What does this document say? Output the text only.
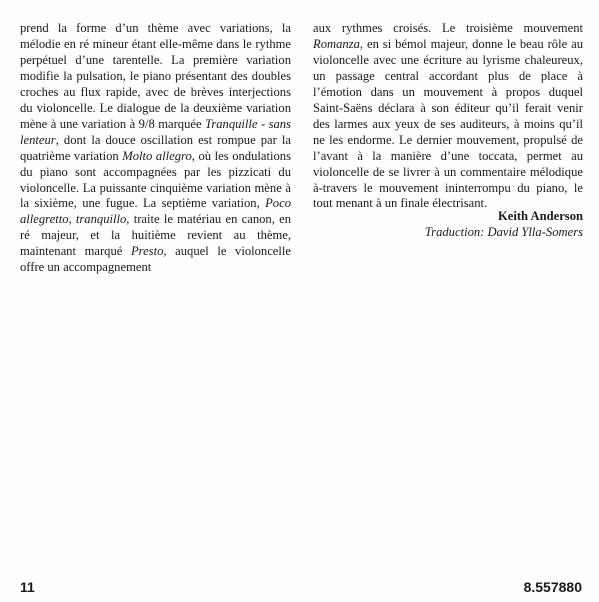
prend la forme d’un thème avec variations, la mélodie en ré mineur étant elle-même dans le rythme perpétuel d’une tarentelle. La première variation modifie la pulsation, le piano présentant des doubles croches au flux rapide, avec de brèves interjections du violoncelle. Le dialogue de la deuxième variation mène à une variation à 9/8 marquée Tranquille - sans lenteur, dont la douce oscillation est rompue par la quatrième variation Molto allegro, où les ondulations du piano sont accompagnées par les pizzicati du violoncelle. La puissante cinquième variation mène à la sixième, une fugue. La septième variation, Poco allegretto, tranquillo, traite le matériau en canon, en ré majeur, et la huitième revient au thème, maintenant marqué Presto, auquel le violoncelle offre un accompagnement

aux rythmes croisés. Le troisième mouvement Romanza, en si bémol majeur, donne le beau rôle au violoncelle avec une écriture au lyrisme chaleureux, un passage central accordant plus de place à l’émotion dans un mouvement à propos duquel Saint-Saëns déclara à son éditeur qu’il ferait venir des larmes aux yeux de ses auditeurs, à moins qu’il ne les endorme. Le dernier mouvement, propulsé de l’avant à la manière d’une toccata, permet au violoncelle de se livrer à un commentaire mélodique à-travers le mouvement ininterrompu du piano, le tout menant à un finale électrisant.

Keith Anderson
Traduction: David Ylla-Somers
11	8.557880
